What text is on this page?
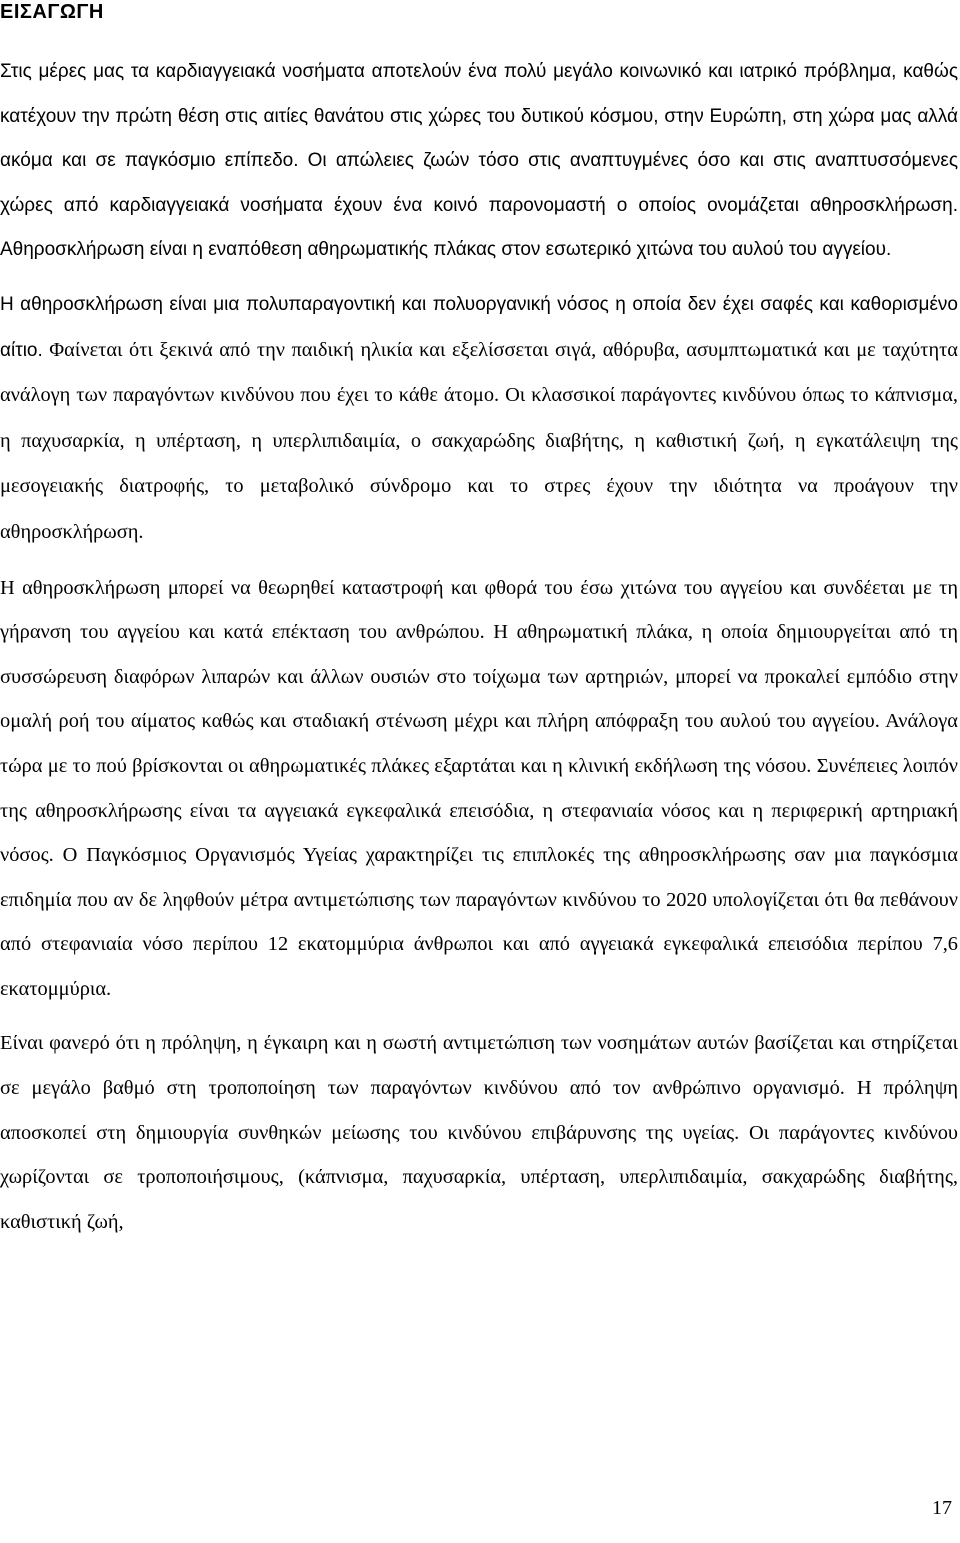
ΕΙΣΑΓΩΓΗ

Στις μέρες μας τα καρδιαγγειακά νοσήματα αποτελούν ένα πολύ μεγάλο κοινωνικό και ιατρικό πρόβλημα, καθώς κατέχουν την πρώτη θέση στις αιτίες θανάτου στις χώρες του δυτικού κόσμου, στην Ευρώπη, στη χώρα μας αλλά ακόμα και σε παγκόσμιο επίπεδο. Οι απώλειες ζωών τόσο στις αναπτυγμένες όσο και στις αναπτυσσόμενες χώρες από καρδιαγγειακά νοσήματα έχουν ένα κοινό παρονομαστή ο οποίος ονομάζεται αθηροσκλήρωση. Αθηροσκλήρωση είναι η εναπόθεση αθηρωματικής πλάκας στον εσωτερικό χιτώνα του αυλού του αγγείου.

Η αθηροσκλήρωση είναι μια πολυπαραγοντική και πολυοργανική νόσος η οποία δεν έχει σαφές και καθορισμένο αίτιο. Φαίνεται ότι ξεκινά από την παιδική ηλικία και εξελίσσεται σιγά, αθόρυβα, ασυμπτωματικά και με ταχύτητα ανάλογη των παραγόντων κινδύνου που έχει το κάθε άτομο. Οι κλασσικοί παράγοντες κινδύνου όπως το κάπνισμα, η παχυσαρκία, η υπέρταση, η υπερλιπιδαιμία, ο σακχαρώδης διαβήτης, η καθιστική ζωή, η εγκατάλειψη της μεσογειακής διατροφής, το μεταβολικό σύνδρομο και το στρες έχουν την ιδιότητα να προάγουν την αθηροσκλήρωση.

Η αθηροσκλήρωση μπορεί να θεωρηθεί καταστροφή και φθορά του έσω χιτώνα του αγγείου και συνδέεται με τη γήρανση του αγγείου και κατά επέκταση του ανθρώπου. Η αθηρωματική πλάκα, η οποία δημιουργείται από τη συσσώρευση διαφόρων λιπαρών και άλλων ουσιών στο τοίχωμα των αρτηριών, μπορεί να προκαλεί εμπόδιο στην ομαλή ροή του αίματος καθώς και σταδιακή στένωση μέχρι και πλήρη απόφραξη του αυλού του αγγείου. Ανάλογα τώρα με το πού βρίσκονται οι αθηρωματικές πλάκες εξαρτάται και η κλινική εκδήλωση της νόσου. Συνέπειες λοιπόν της αθηροσκλήρωσης είναι τα αγγειακά εγκεφαλικά επεισόδια, η στεφανιαία νόσος και η περιφερική αρτηριακή νόσος. Ο Παγκόσμιος Οργανισμός Υγείας χαρακτηρίζει τις επιπλοκές της αθηροσκλήρωσης σαν μια παγκόσμια επιδημία που αν δε ληφθούν μέτρα αντιμετώπισης των παραγόντων κινδύνου το 2020 υπολογίζεται ότι θα πεθάνουν από στεφανιαία νόσο περίπου 12 εκατομμύρια άνθρωποι και από αγγειακά εγκεφαλικά επεισόδια περίπου 7,6 εκατομμύρια.

Είναι φανερό ότι η πρόληψη, η έγκαιρη και η σωστή αντιμετώπιση των νοσημάτων αυτών βασίζεται και στηρίζεται σε μεγάλο βαθμό στη τροποποίηση των παραγόντων κινδύνου από τον ανθρώπινο οργανισμό. Η πρόληψη αποσκοπεί στη δημιουργία συνθηκών μείωσης του κινδύνου επιβάρυνσης της υγείας. Οι παράγοντες κινδύνου χωρίζονται σε τροποποιήσιμους, (κάπνισμα, παχυσαρκία, υπέρταση, υπερλιπιδαιμία, σακχαρώδης διαβήτης, καθιστική ζωή,

17
